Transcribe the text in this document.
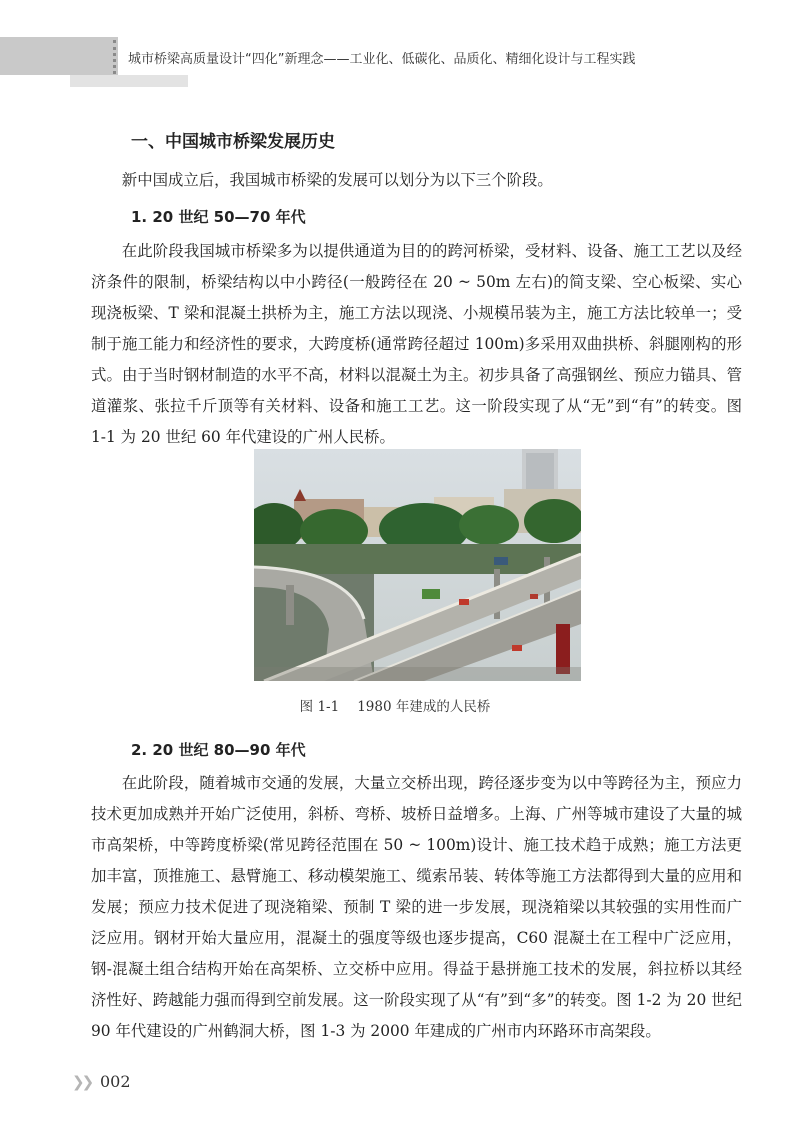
城市桥梁高质量设计“四化”新理念——工业化、低碳化、品质化、精细化设计与工程实践
一、中国城市桥梁发展历史

新中国成立后，我国城市桥梁的发展可以划分为以下三个阶段。

1. 20 世纪 50—70 年代

在此阶段我国城市桥梁多为以提供通道为目的的跨河桥梁，受材料、设备、施工工艺以及经济条件的限制，桥梁结构以中小跨径(一般跨径在 20 ~ 50m 左右)的简支梁、空心板梁、实心现浇板梁、T 梁和混凝土拱桥为主，施工方法以现浇、小规模吊装为主，施工方法比较单一；受制于施工能力和经济性的要求，大跨度桥(通常跨径超过 100m)多采用双曲拱桥、斜腿刚构的形式。由于当时钢材制造的水平不高，材料以混凝土为主。初步具备了高强钢丝、预应力锚具、管道灌浆、张拉千斤顶等有关材料、设备和施工工艺。这一阶段实现了从“无”到“有”的转变。图 1-1 为 20 世纪 60 年代建设的广州人民桥。

图 1-1 1980 年建成的人民桥
2. 20 世纪 80—90 年代

在此阶段，随着城市交通的发展，大量立交桥出现，跨径逐步变为以中等跨径为主，预应力技术更加成熟并开始广泛使用，斜桥、弯桥、坡桥日益增多。上海、广州等城市建设了大量的城市高架桥，中等跨度桥梁(常见跨径范围在 50 ~ 100m)设计、施工技术趋于成熟；施工方法更加丰富，顶推施工、悬臂施工、移动模架施工、缆索吊装、转体等施工方法都得到大量的应用和发展；预应力技术促进了现浇箱梁、预制 T 梁的进一步发展，现浇箱梁以其较强的实用性而广泛应用。钢材开始大量应用，混凝土的强度等级也逐步提高，C60 混凝土在工程中广泛应用，钢-混凝土组合结构开始在高架桥、立交桥中应用。得益于悬拼施工技术的发展，斜拉桥以其经济性好、跨越能力强而得到空前发展。这一阶段实现了从“有”到“多”的转变。图 1-2 为 20 世纪 90 年代建设的广州鹤洞大桥，图 1-3 为 2000 年建成的广州市内环路环市高架段。

❯❯ 002
